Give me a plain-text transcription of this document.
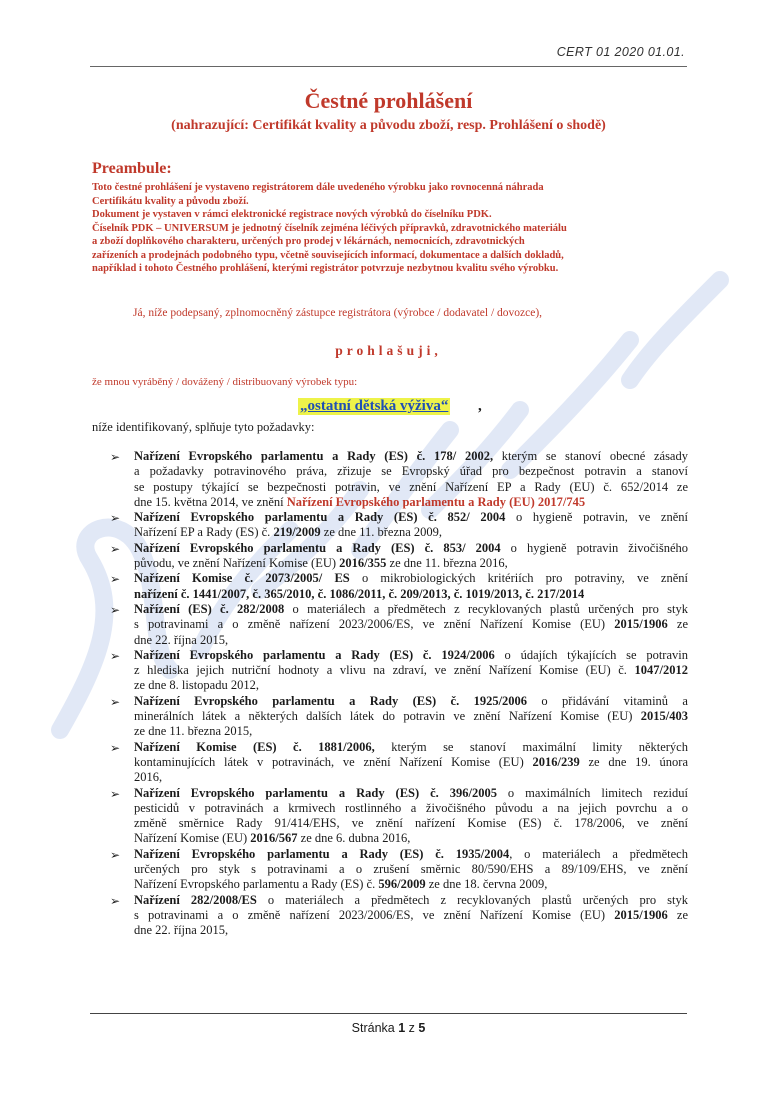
CERT 01 2020 01.01.
Čestné prohlášení
(nahrazující: Certifikát kvality a původu zboží, resp. Prohlášení o shodě)
Preambule:
Toto čestné prohlášení je vystaveno registrátorem dále uvedeného výrobku jako rovnocenná náhrada
Certifikátu kvality a původu zboží.
Dokument je vystaven v rámci elektronické registrace nových výrobků do číselníku PDK.
Číselník PDK – UNIVERSUM je jednotný číselník zejména léčivých přípravků, zdravotnického materiálu
a zboží doplňkového charakteru, určených pro prodej v lékárnách, nemocnicích, zdravotnických
zařízeních a prodejnách podobného typu, včetně souvisejících informací, dokumentace a dalších dokladů,
například i tohoto Čestného prohlášení, kterými registrátor potvrzuje nezbytnou kvalitu svého výrobku.
Já, níže podepsaný, zplnomocněný zástupce registrátora (výrobce / dodavatel / dovozce),
prohlašuji,
že mnou vyráběný / dovážený / distribuovaný výrobek typu:
„ostatní dětská výživa“ ,
níže identifikovaný, splňuje tyto požadavky:
➢	Nařízení Evropského parlamentu a Rady (ES) č. 178/ 2002, kterým se stanoví obecné zásady
a požadavky potravinového práva, zřizuje se Evropský úřad pro bezpečnost potravin a stanoví
se postupy týkající se bezpečnosti potravin, ve znění Nařízení EP a Rady (EU) č. 652/2014 ze
dne 15. května 2014, ve znění Nařízení Evropského parlamentu a Rady (EU) 2017/745
➢	Nařízení Evropského parlamentu a Rady (ES) č. 852/ 2004 o hygieně potravin, ve znění
Nařízení EP a Rady (ES) č. 219/2009 ze dne 11. března 2009,
➢	Nařízení Evropského parlamentu a Rady (ES) č. 853/ 2004 o hygieně potravin živočišného
původu, ve znění Nařízení Komise (EU) 2016/355 ze dne 11. března 2016,
➢	Nařízení Komise č. 2073/2005/ ES o mikrobiologických kritériích pro potraviny, ve znění
nařízení č. 1441/2007, č. 365/2010, č. 1086/2011, č. 209/2013, č. 1019/2013, č. 217/2014
➢	Nařízení (ES) č. 282/2008 o materiálech a předmětech z recyklovaných plastů určených pro styk
s potravinami a o změně nařízení 2023/2006/ES, ve znění Nařízení Komise (EU) 2015/1906 ze
dne 22. října 2015,
➢	Nařízení Evropského parlamentu a Rady (ES) č. 1924/2006 o údajích týkajících se potravin
z hlediska jejich nutriční hodnoty a vlivu na zdraví, ve znění Nařízení Komise (EU) č. 1047/2012
ze dne 8. listopadu 2012,
➢	Nařízení Evropského parlamentu a Rady (ES) č. 1925/2006 o přidávání vitaminů a
minerálních látek a některých dalších látek do potravin ve znění Nařízení Komise (EU) 2015/403
ze dne 11. března 2015,
➢	Nařízení Komise (ES) č. 1881/2006, kterým se stanoví maximální limity některých
kontaminujících látek v potravinách, ve znění Nařízení Komise (EU) 2016/239 ze dne 19. února
2016,
➢	Nařízení Evropského parlamentu a Rady (ES) č. 396/2005 o maximálních limitech reziduí
pesticidů v potravinách a krmivech rostlinného a živočišného původu a na jejich povrchu a o
změně směrnice Rady 91/414/EHS, ve znění nařízení Komise (ES) č. 178/2006, ve znění
Nařízení Komise (EU) 2016/567 ze dne 6. dubna 2016,
➢	Nařízení Evropského parlamentu a Rady (ES) č. 1935/2004, o materiálech a předmětech
určených pro styk s potravinami a o zrušení směrnic 80/590/EHS a 89/109/EHS, ve znění
Nařízení Evropského parlamentu a Rady (ES) č. 596/2009 ze dne 18. června 2009,
➢	Nařízení 282/2008/ES o materiálech a předmětech z recyklovaných plastů určených pro styk
s potravinami a o změně nařízení 2023/2006/ES, ve znění Nařízení Komise (EU) 2015/1906 ze
dne 22. října 2015,
Stránka 1 z 5
